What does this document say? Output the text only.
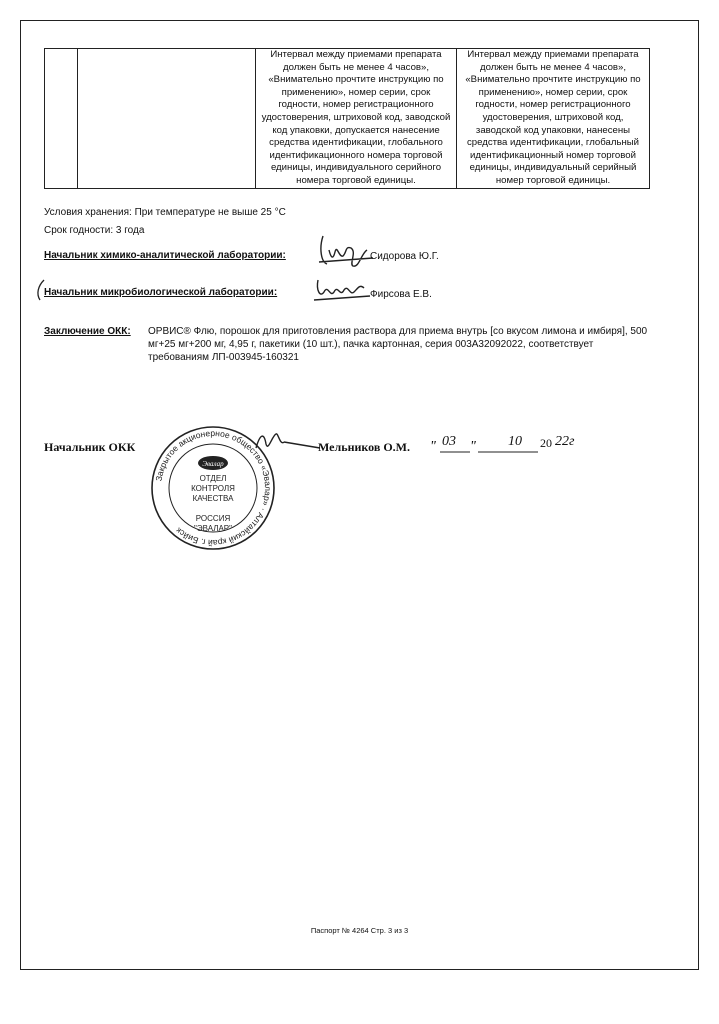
		Интервал между приемами препарата должен быть не менее 4 часов», «Внимательно прочтите инструкцию по применению», номер серии, срок годности, номер регистрационного удостоверения, штриховой код, заводской код упаковки, допускается нанесение средства идентификации, глобального идентификационного номера торговой единицы, индивидуального серийного номера торговой единицы.	Интервал между приемами препарата должен быть не менее 4 часов», «Внимательно прочтите инструкцию по применению», номер серии, срок годности, номер регистрационного удостоверения, штриховой код, заводской код упаковки, нанесены средства идентификации, глобальный идентификационный номер торговой единицы, индивидуальный серийный номер торговой единицы.
Условия хранения: При температуре не выше 25 °С
Срок годности: 3 года
Начальник химико-аналитической лаборатории:	Сидорова Ю.Г.
Начальник микробиологической лаборатории:	Фирсова Е.В.
Заключение ОКК: ОРВИС® Флю, порошок для приготовления раствора для приема внутрь [со вкусом лимона и имбиря], 500 мг+25 мг+200 мг, 4,95 г, пакетики (10 шт.), пачка картонная, серия 003А32092022, соответствует требованиям ЛП-003945-160321
Начальник ОКК	Мельников О.М. " "
03	10 20 22г
Закрытое акционерное общество «Эвалар» · Алтайский край г. Бийск
Эвалар
ОТДЕЛ
КОНТРОЛЯ
КАЧЕСТВА
РОССИЯ
"ЭВАЛАР"
Паспорт № 4264 Стр. 3 из 3
